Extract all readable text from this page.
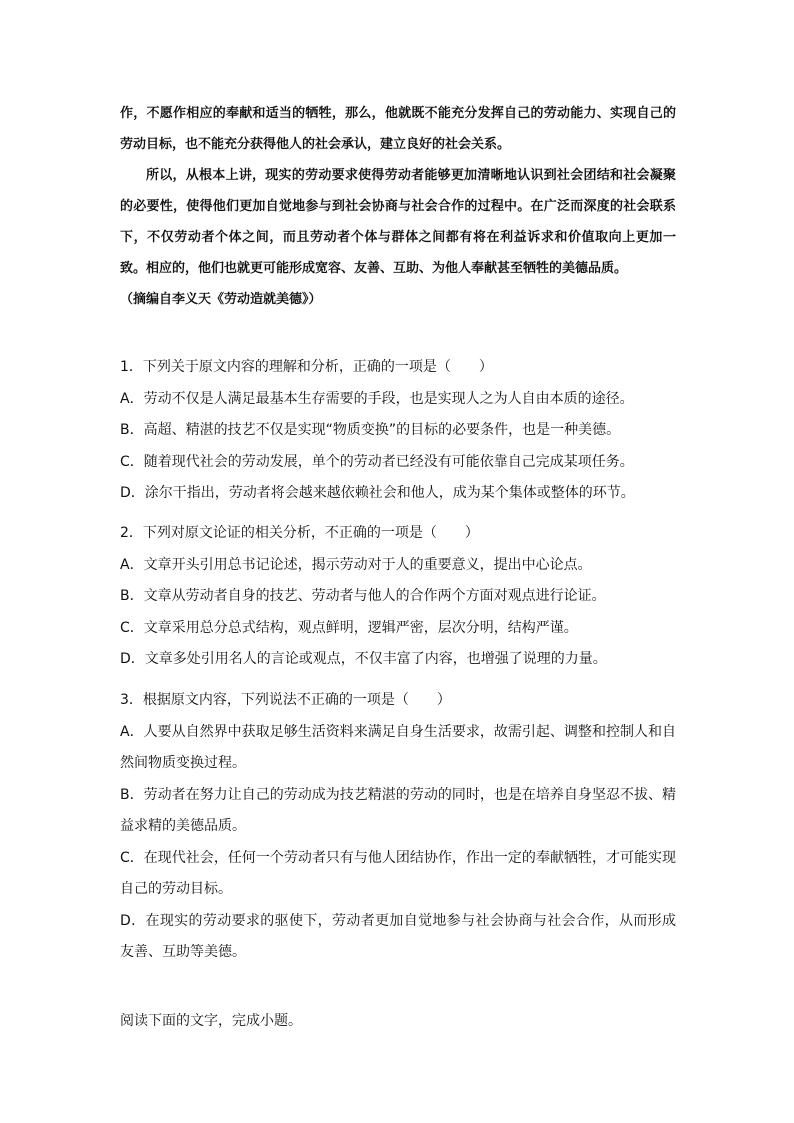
作，不愿作相应的奉献和适当的牺牲，那么，他就既不能充分发挥自己的劳动能力、实现自己的劳动目标，也不能充分获得他人的社会承认，建立良好的社会关系。

所以，从根本上讲，现实的劳动要求使得劳动者能够更加清晰地认识到社会团结和社会凝聚的必要性，使得他们更加自觉地参与到社会协商与社会合作的过程中。在广泛而深度的社会联系下，不仅劳动者个体之间，而且劳动者个体与群体之间都有将在利益诉求和价值取向上更加一致。相应的，他们也就更可能形成宽容、友善、互助、为他人奉献甚至牺牲的美德品质。

（摘编自李义天《劳动造就美德》）

1．下列关于原文内容的理解和分析，正确的一项是（　　）

A．劳动不仅是人满足最基本生存需要的手段，也是实现人之为人自由本质的途径。

B．高超、精湛的技艺不仅是实现“物质变换”的目标的必要条件，也是一种美德。

C．随着现代社会的劳动发展，单个的劳动者已经没有可能依靠自己完成某项任务。

D．涂尔干指出，劳动者将会越来越依赖社会和他人，成为某个集体或整体的环节。

2．下列对原文论证的相关分析，不正确的一项是（　　）

A．文章开头引用总书记论述，揭示劳动对于人的重要意义，提出中心论点。

B．文章从劳动者自身的技艺、劳动者与他人的合作两个方面对观点进行论证。

C．文章采用总分总式结构，观点鲜明，逻辑严密，层次分明，结构严谨。

D．文章多处引用名人的言论或观点，不仅丰富了内容，也增强了说理的力量。

3．根据原文内容，下列说法不正确的一项是（　　）

A．人要从自然界中获取足够生活资料来满足自身生活要求，故需引起、调整和控制人和自然间物质变换过程。

B．劳动者在努力让自己的劳动成为技艺精湛的劳动的同时，也是在培养自身坚忍不拔、精益求精的美德品质。

C．在现代社会，任何一个劳动者只有与他人团结协作，作出一定的奉献牺牲，才可能实现自己的劳动目标。

D．在现实的劳动要求的驱使下，劳动者更加自觉地参与社会协商与社会合作，从而形成友善、互助等美德。

阅读下面的文字，完成小题。
